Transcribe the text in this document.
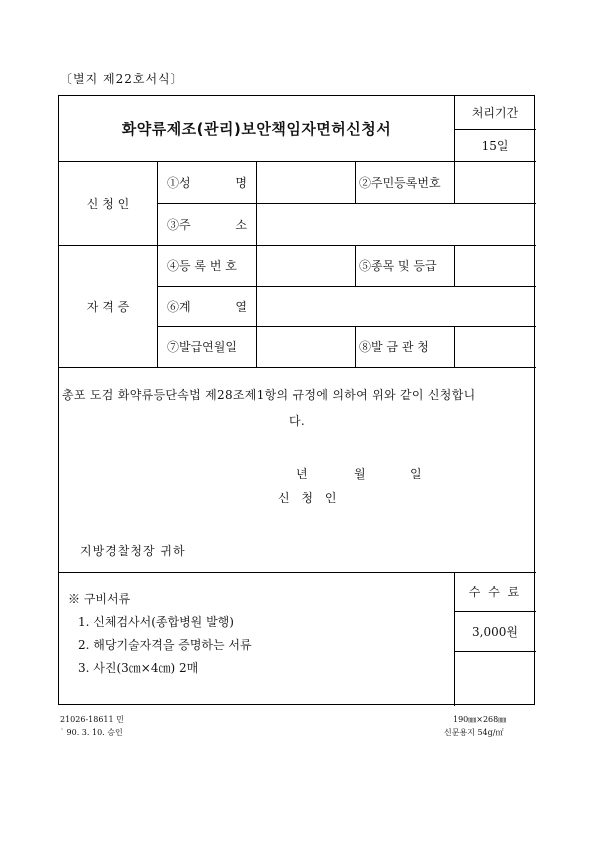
〔별지 제22호서식〕
화약류제조(관리)보안책임자면허신청서
처리기간
15일
신 청 인
①성	명	②주민등록번호
③주	소
자 격 증
④등 록 번 호	⑤종목 및 등급
⑥계	열
⑦발급연월일	⑧발 금 관 청
수 수 료
3,000원

총포 도검 화약류등단속법 제28조제1항의 규정에 의하여 위와 같이 신청합니

다.

년	월	일
신 청 인
지방경찰청장 귀하
※ 구비서류
1. 신체검사서(종합병원 발행)
2. 해당기술자격을 증명하는 서류
3. 사진(3㎝×4㎝) 2매
21026-18611 민
˙ 90. 3. 10. 승인
190㎜×268㎜
신문용지 54g/㎡
